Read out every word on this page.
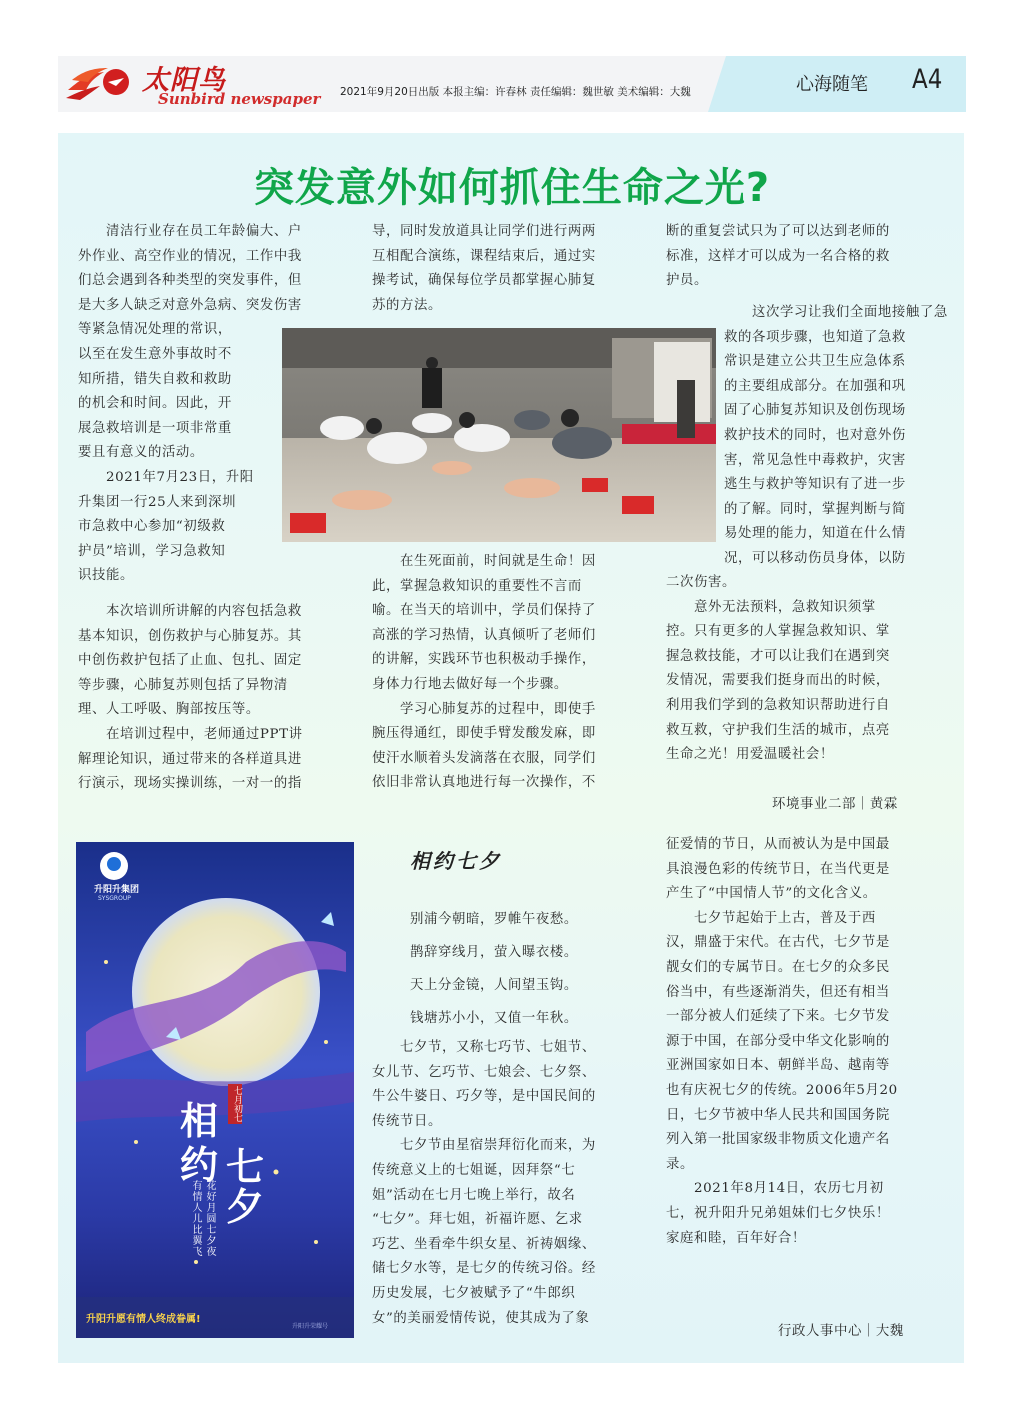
太阳鸟
Sunbird newspaper 2021年9月20日出版 本报主编：许春林 责任编辑：魏世敏 美术编辑：大魏	心海随笔 A4
突发意外如何抓住生命之光?
　　清洁行业存在员工年龄偏大、户
外作业、高空作业的情况，工作中我
们总会遇到各种类型的突发事件，但
是大多人缺乏对意外急病、突发伤害
等紧急情况处理的常识，
以至在发生意外事故时不
知所措，错失自救和救助
的机会和时间。因此，开
展急救培训是一项非常重
要且有意义的活动。
　　2021年7月23日，升阳
升集团一行25人来到深圳
市急救中心参加“初级救
护员”培训，学习急救知
识技能。
　　本次培训所讲解的内容包括急救
基本知识，创伤救护与心肺复苏。其
中创伤救护包括了止血、包扎、固定
等步骤，心肺复苏则包括了异物清
理、人工呼吸、胸部按压等。
　　在培训过程中，老师通过PPT讲
解理论知识，通过带来的各样道具进
行演示，现场实操训练，一对一的指
导，同时发放道具让同学们进行两两
互相配合演练，课程结束后，通过实
操考试，确保每位学员都掌握心肺复
苏的方法。
　　在生死面前，时间就是生命！因
此，掌握急救知识的重要性不言而
喻。在当天的培训中，学员们保持了
高涨的学习热情，认真倾听了老师们
的讲解，实践环节也积极动手操作，
身体力行地去做好每一个步骤。
　　学习心肺复苏的过程中，即使手
腕压得通红，即使手臂发酸发麻，即
使汗水顺着头发滴落在衣服，同学们
依旧非常认真地进行每一次操作，不
断的重复尝试只为了可以达到老师的
标准，这样才可以成为一名合格的救
护员。
　　这次学习让我们全面地接触了急
救的各项步骤，也知道了急救
常识是建立公共卫生应急体系
的主要组成部分。在加强和巩
固了心肺复苏知识及创伤现场
救护技术的同时，也对意外伤
害，常见急性中毒救护，灾害
逃生与救护等知识有了进一步
的了解。同时，掌握判断与简
易处理的能力，知道在什么情
况，可以移动伤员身体，以防
二次伤害。
　　意外无法预料，急救知识须掌
控。只有更多的人掌握急救知识、掌
握急救技能，才可以让我们在遇到突
发情况，需要我们挺身而出的时候，
利用我们学到的急救知识帮助进行自
救互救，守护我们生活的城市，点亮
生命之光！用爱温暖社会！
环境事业二部｜黄霖
升阳升集团
SYSGROUP
相
约 七
夕
七月初七
花好月圆七夕夜
有情人儿比翼飞
升阳升愿有情人终成眷属!
升阳升荣耀号
相约七夕
别浦今朝暗，罗帷午夜愁。
鹊辞穿线月，萤入曝衣楼。
天上分金镜，人间望玉钩。
钱塘苏小小，又值一年秋。
　　七夕节，又称七巧节、七姐节、
女儿节、乞巧节、七娘会、七夕祭、
牛公牛婆日、巧夕等，是中国民间的
传统节日。
　　七夕节由星宿崇拜衍化而来，为
传统意义上的七姐诞，因拜祭“七
姐”活动在七月七晚上举行，故名
“七夕”。拜七姐，祈福许愿、乞求
巧艺、坐看牵牛织女星、祈祷姻缘、
储七夕水等，是七夕的传统习俗。经
历史发展，七夕被赋予了“牛郎织
女”的美丽爱情传说，使其成为了象
征爱情的节日，从而被认为是中国最
具浪漫色彩的传统节日，在当代更是
产生了“中国情人节”的文化含义。
　　七夕节起始于上古，普及于西
汉，鼎盛于宋代。在古代，七夕节是
靓女们的专属节日。在七夕的众多民
俗当中，有些逐渐消失，但还有相当
一部分被人们延续了下来。七夕节发
源于中国，在部分受中华文化影响的
亚洲国家如日本、朝鲜半岛、越南等
也有庆祝七夕的传统。2006年5月20
日，七夕节被中华人民共和国国务院
列入第一批国家级非物质文化遗产名
录。
　　2021年8月14日，农历七月初
七，祝升阳升兄弟姐妹们七夕快乐！
家庭和睦，百年好合！
行政人事中心｜大魏
